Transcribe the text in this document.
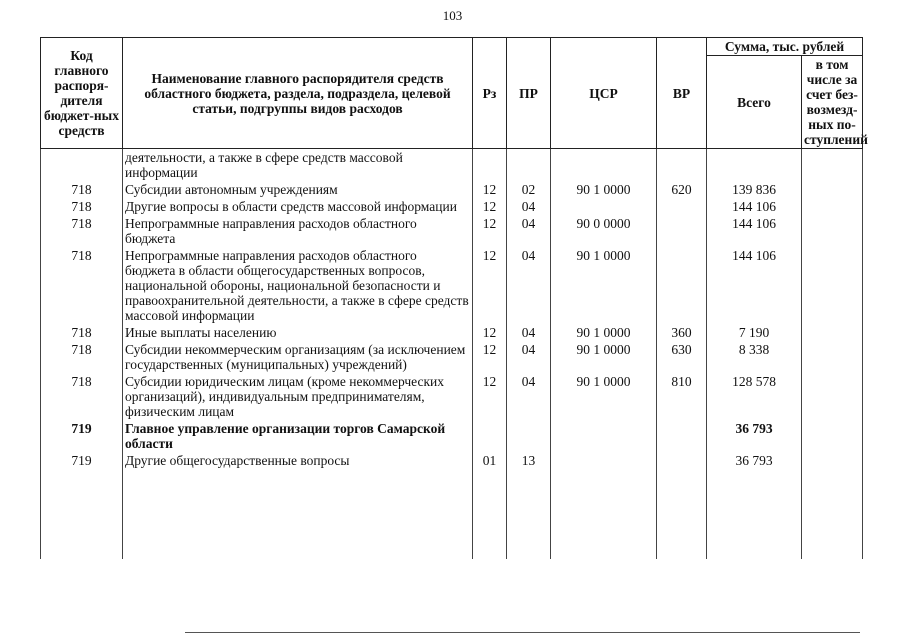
103
Код главного распоря-дителя бюджет-ных средств	Наименование главного распорядителя средств областного бюджета, раздела, подраздела, целевой статьи, подгруппы видов расходов	Рз	ПР	ЦСР	ВР	Сумма, тыс. рублей	
						Всего	в том числе за счет без-возмезд-ных по-ступлений
	деятельности, а также в сфере средств массовой информации						
718	Субсидии автономным учреждениям	12	02	90 1 0000	620	139 836	
718	Другие вопросы в области средств массовой информации	12	04			144 106	
718	Непрограммные направления расходов областного бюджета	12	04	90 0 0000		144 106	
718	Непрограммные направления расходов областного бюджета в области общегосударственных вопросов, национальной обороны, национальной безопасности и правоохранительной деятельности, а также в сфере средств массовой информации	12	04	90 1 0000		144 106	
718	Иные выплаты населению	12	04	90 1 0000	360	7 190	
718	Субсидии некоммерческим организациям (за исключением государственных (муниципальных) учреждений)	12	04	90 1 0000	630	8 338	
718	Субсидии юридическим лицам (кроме некоммерческих организаций), индивидуальным предпринимателям, физическим лицам	12	04	90 1 0000	810	128 578	
719	Главное управление организации торгов Самарской области					36 793	
719	Другие общегосударственные вопросы	01	13			36 793	
